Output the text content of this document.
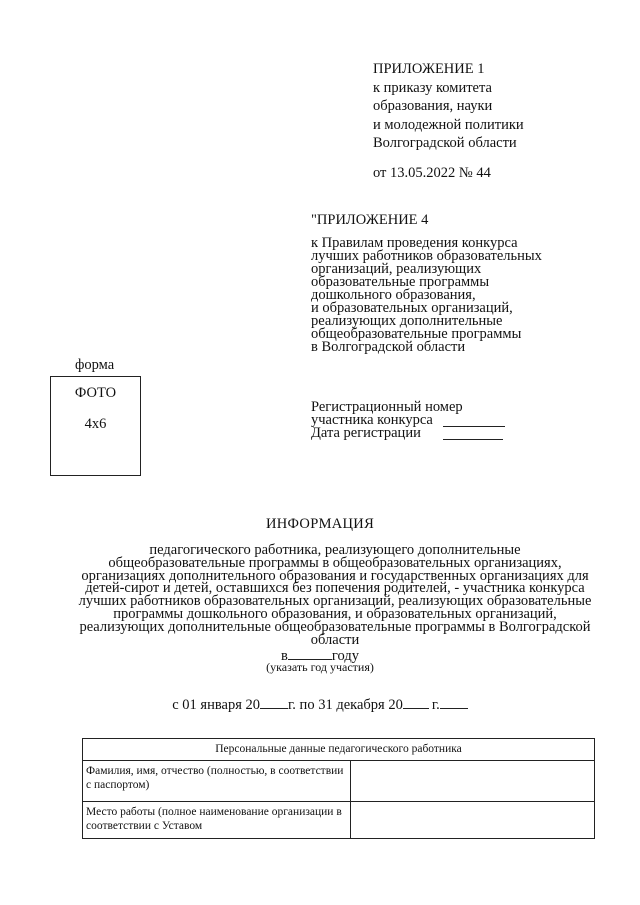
ПРИЛОЖЕНИЕ 1
к приказу комитета
образования, науки
и молодежной политики
Волгоградской области
от 13.05.2022 № 44
"ПРИЛОЖЕНИЕ 4
к Правилам проведения конкурса
лучших работников образовательных
организаций, реализующих
образовательные программы
дошкольного образования,
и образовательных организаций,
реализующих дополнительные
общеобразовательные программы
в Волгоградской области
форма
ФОТО
4x6
Регистрационный номер
участника конкурса
Дата регистрации
ИНФОРМАЦИЯ
педагогического работника, реализующего дополнительные
общеобразовательные программы в общеобразовательных организациях,
организациях дополнительного образования и государственных организациях для
детей-сирот и детей, оставшихся без попечения родителей, - участника конкурса
лучших работников образовательных организаций, реализующих образовательные
программы дошкольного образования, и образовательных организаций,
реализующих дополнительные общеобразовательные программы в Волгоградской
области
в	году
(указать год участия)
с 01 января 20 г. по 31 декабря 20 г.
Персональные данные педагогического работника	
Фамилия, имя, отчество (полностью, в соответствии с паспортом)	
Место работы (полное наименование организации в соответствии с Уставом	
